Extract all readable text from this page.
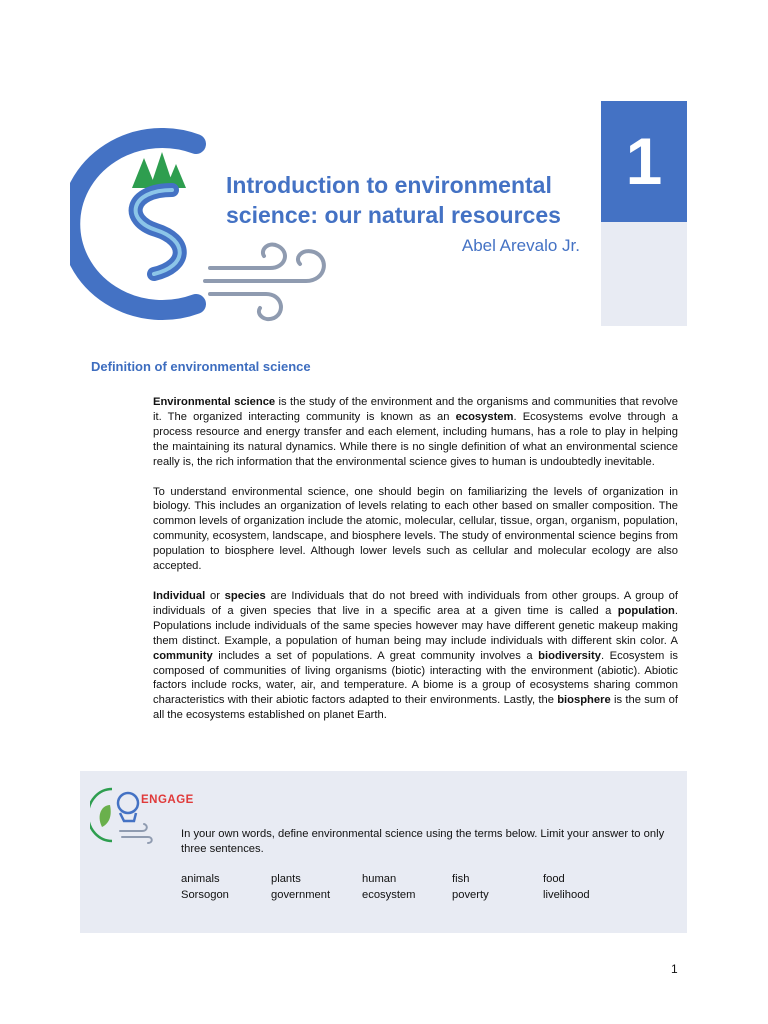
Introduction to environmental
science: our natural resources
Abel Arevalo Jr.
1
Definition of environmental science

Environmental science is the study of the environment and the organisms and communities that revolve it. The organized interacting community is known as an ecosystem. Ecosystems evolve through a process resource and energy transfer and each element, including humans, has a role to play in helping the maintaining its natural dynamics. While there is no single definition of what an environmental science really is, the rich information that the environmental science gives to human is undoubtedly inevitable.

To understand environmental science, one should begin on familiarizing the levels of organization in biology. This includes an organization of levels relating to each other based on smaller composition. The common levels of organization include the atomic, molecular, cellular, tissue, organ, organism, population, community, ecosystem, landscape, and biosphere levels. The study of environmental science begins from population to biosphere level. Although lower levels such as cellular and molecular ecology are also accepted.

Individual or species are Individuals that do not breed with individuals from other groups. A group of individuals of a given species that live in a specific area at a given time is called a population. Populations include individuals of the same species however may have different genetic makeup making them distinct. Example, a population of human being may include individuals with different skin color. A community includes a set of populations. A great community involves a biodiversity. Ecosystem is composed of communities of living organisms (biotic) interacting with the environment (abiotic). Abiotic factors include rocks, water, air, and temperature. A biome is a group of ecosystems sharing common characteristics with their abiotic factors adapted to their environments. Lastly, the biosphere is the sum of all the ecosystems established on planet Earth.

ENGAGE
In your own words, define environmental science using the terms below. Limit your answer to only three sentences.
animals	plants	human	fish	food
Sorsogon	government	ecosystem	poverty	livelihood
1
